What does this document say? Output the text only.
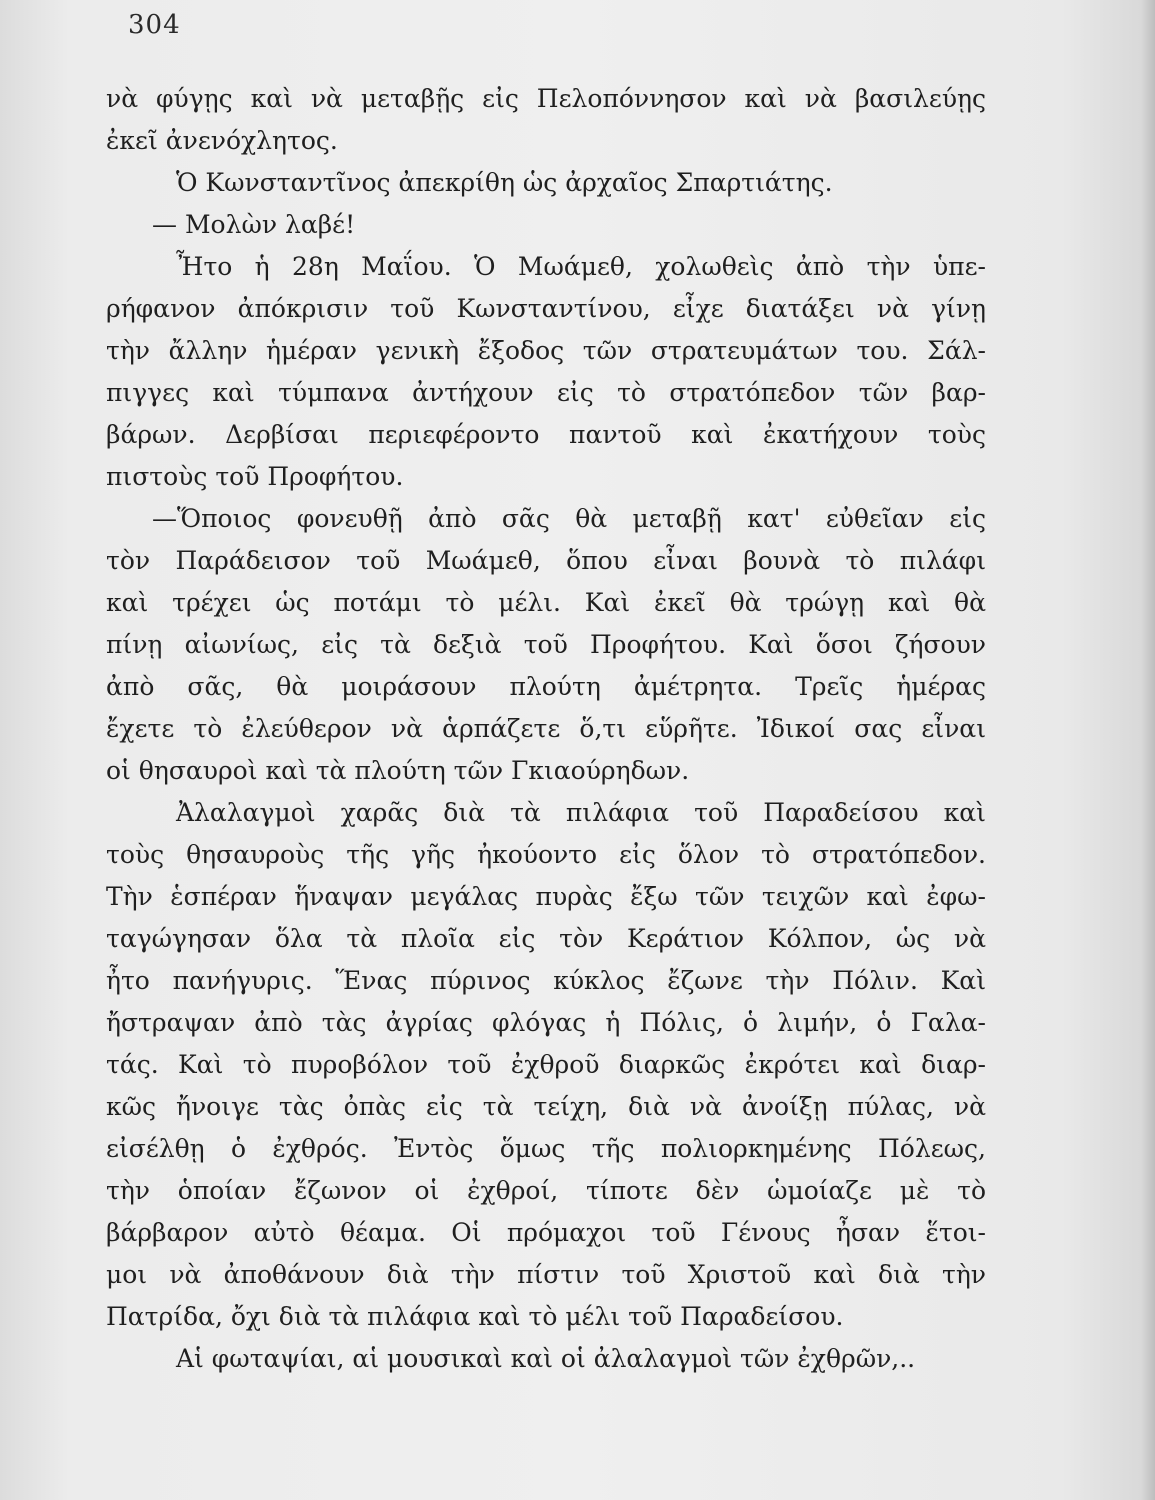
304
νὰ φύγῃς καὶ νὰ μεταβῇς εἰς Πελοπόννησον καὶ νὰ βασιλεύῃς
ἐκεῖ ἀνενόχλητος.
Ὁ Κωνσταντῖνος ἀπεκρίθη ὡς ἀρχαῖος Σπαρτιάτης.
— Μολὼν λαβέ!
Ἦτο ἡ 28η Μαΐου. Ὁ Μωάμεθ, χολωθεὶς ἀπὸ τὴν ὑπε-
ρήφανον ἀπόκρισιν τοῦ Κωνσταντίνου, εἶχε διατάξει νὰ γίνῃ
τὴν ἄλλην ἡμέραν γενικὴ ἔξοδος τῶν στρατευμάτων του. Σάλ-
πιγγες καὶ τύμπανα ἀντήχουν εἰς τὸ στρατόπεδον τῶν βαρ-
βάρων. Δερβίσαι περιεφέροντο παντοῦ καὶ ἐκατήχουν τοὺς
πιστοὺς τοῦ Προφήτου.
—Ὅποιος φονευθῇ ἀπὸ σᾶς θὰ μεταβῇ κατ' εὐθεῖαν εἰς
τὸν Παράδεισον τοῦ Μωάμεθ, ὅπου εἶναι βουνὰ τὸ πιλάφι
καὶ τρέχει ὡς ποτάμι τὸ μέλι. Καὶ ἐκεῖ θὰ τρώγῃ καὶ θὰ
πίνῃ αἰωνίως, εἰς τὰ δεξιὰ τοῦ Προφήτου. Καὶ ὅσοι ζήσουν
ἀπὸ σᾶς, θὰ μοιράσουν πλούτη ἀμέτρητα. Τρεῖς ἡμέρας
ἔχετε τὸ ἐλεύθερον νὰ ἁρπάζετε ὅ,τι εὕρῆτε. Ἰδικοί σας εἶναι
οἱ θησαυροὶ καὶ τὰ πλούτη τῶν Γκιαούρηδων.
Ἀλαλαγμοὶ χαρᾶς διὰ τὰ πιλάφια τοῦ Παραδείσου καὶ
τοὺς θησαυροὺς τῆς γῆς ἠκούοντο εἰς ὅλον τὸ στρατόπεδον.
Τὴν ἑσπέραν ἥναψαν μεγάλας πυρὰς ἔξω τῶν τειχῶν καὶ ἐφω-
ταγώγησαν ὅλα τὰ πλοῖα εἰς τὸν Κεράτιον Κόλπον, ὡς νὰ
ἦτο πανήγυρις. Ἕνας πύρινος κύκλος ἔζωνε τὴν Πόλιν. Καὶ
ἤστραψαν ἀπὸ τὰς ἀγρίας φλόγας ἡ Πόλις, ὁ λιμήν, ὁ Γαλα-
τάς. Καὶ τὸ πυροβόλον τοῦ ἐχθροῦ διαρκῶς ἐκρότει καὶ διαρ-
κῶς ἤνοιγε τὰς ὀπὰς εἰς τὰ τείχη, διὰ νὰ ἀνοίξῃ πύλας, νὰ
εἰσέλθῃ ὁ ἐχθρός. Ἐντὸς ὅμως τῆς πολιορκημένης Πόλεως,
τὴν ὁποίαν ἔζωνον οἱ ἐχθροί, τίποτε δὲν ὡμοίαζε μὲ τὸ
βάρβαρον αὐτὸ θέαμα. Οἱ πρόμαχοι τοῦ Γένους ἦσαν ἕτοι-
μοι νὰ ἀποθάνουν διὰ τὴν πίστιν τοῦ Χριστοῦ καὶ διὰ τὴν
Πατρίδα, ὄχι διὰ τὰ πιλάφια καὶ τὸ μέλι τοῦ Παραδείσου.
Αἱ φωταψίαι, αἱ μουσικαὶ καὶ οἱ ἀλαλαγμοὶ τῶν ἐχθρῶν,..
